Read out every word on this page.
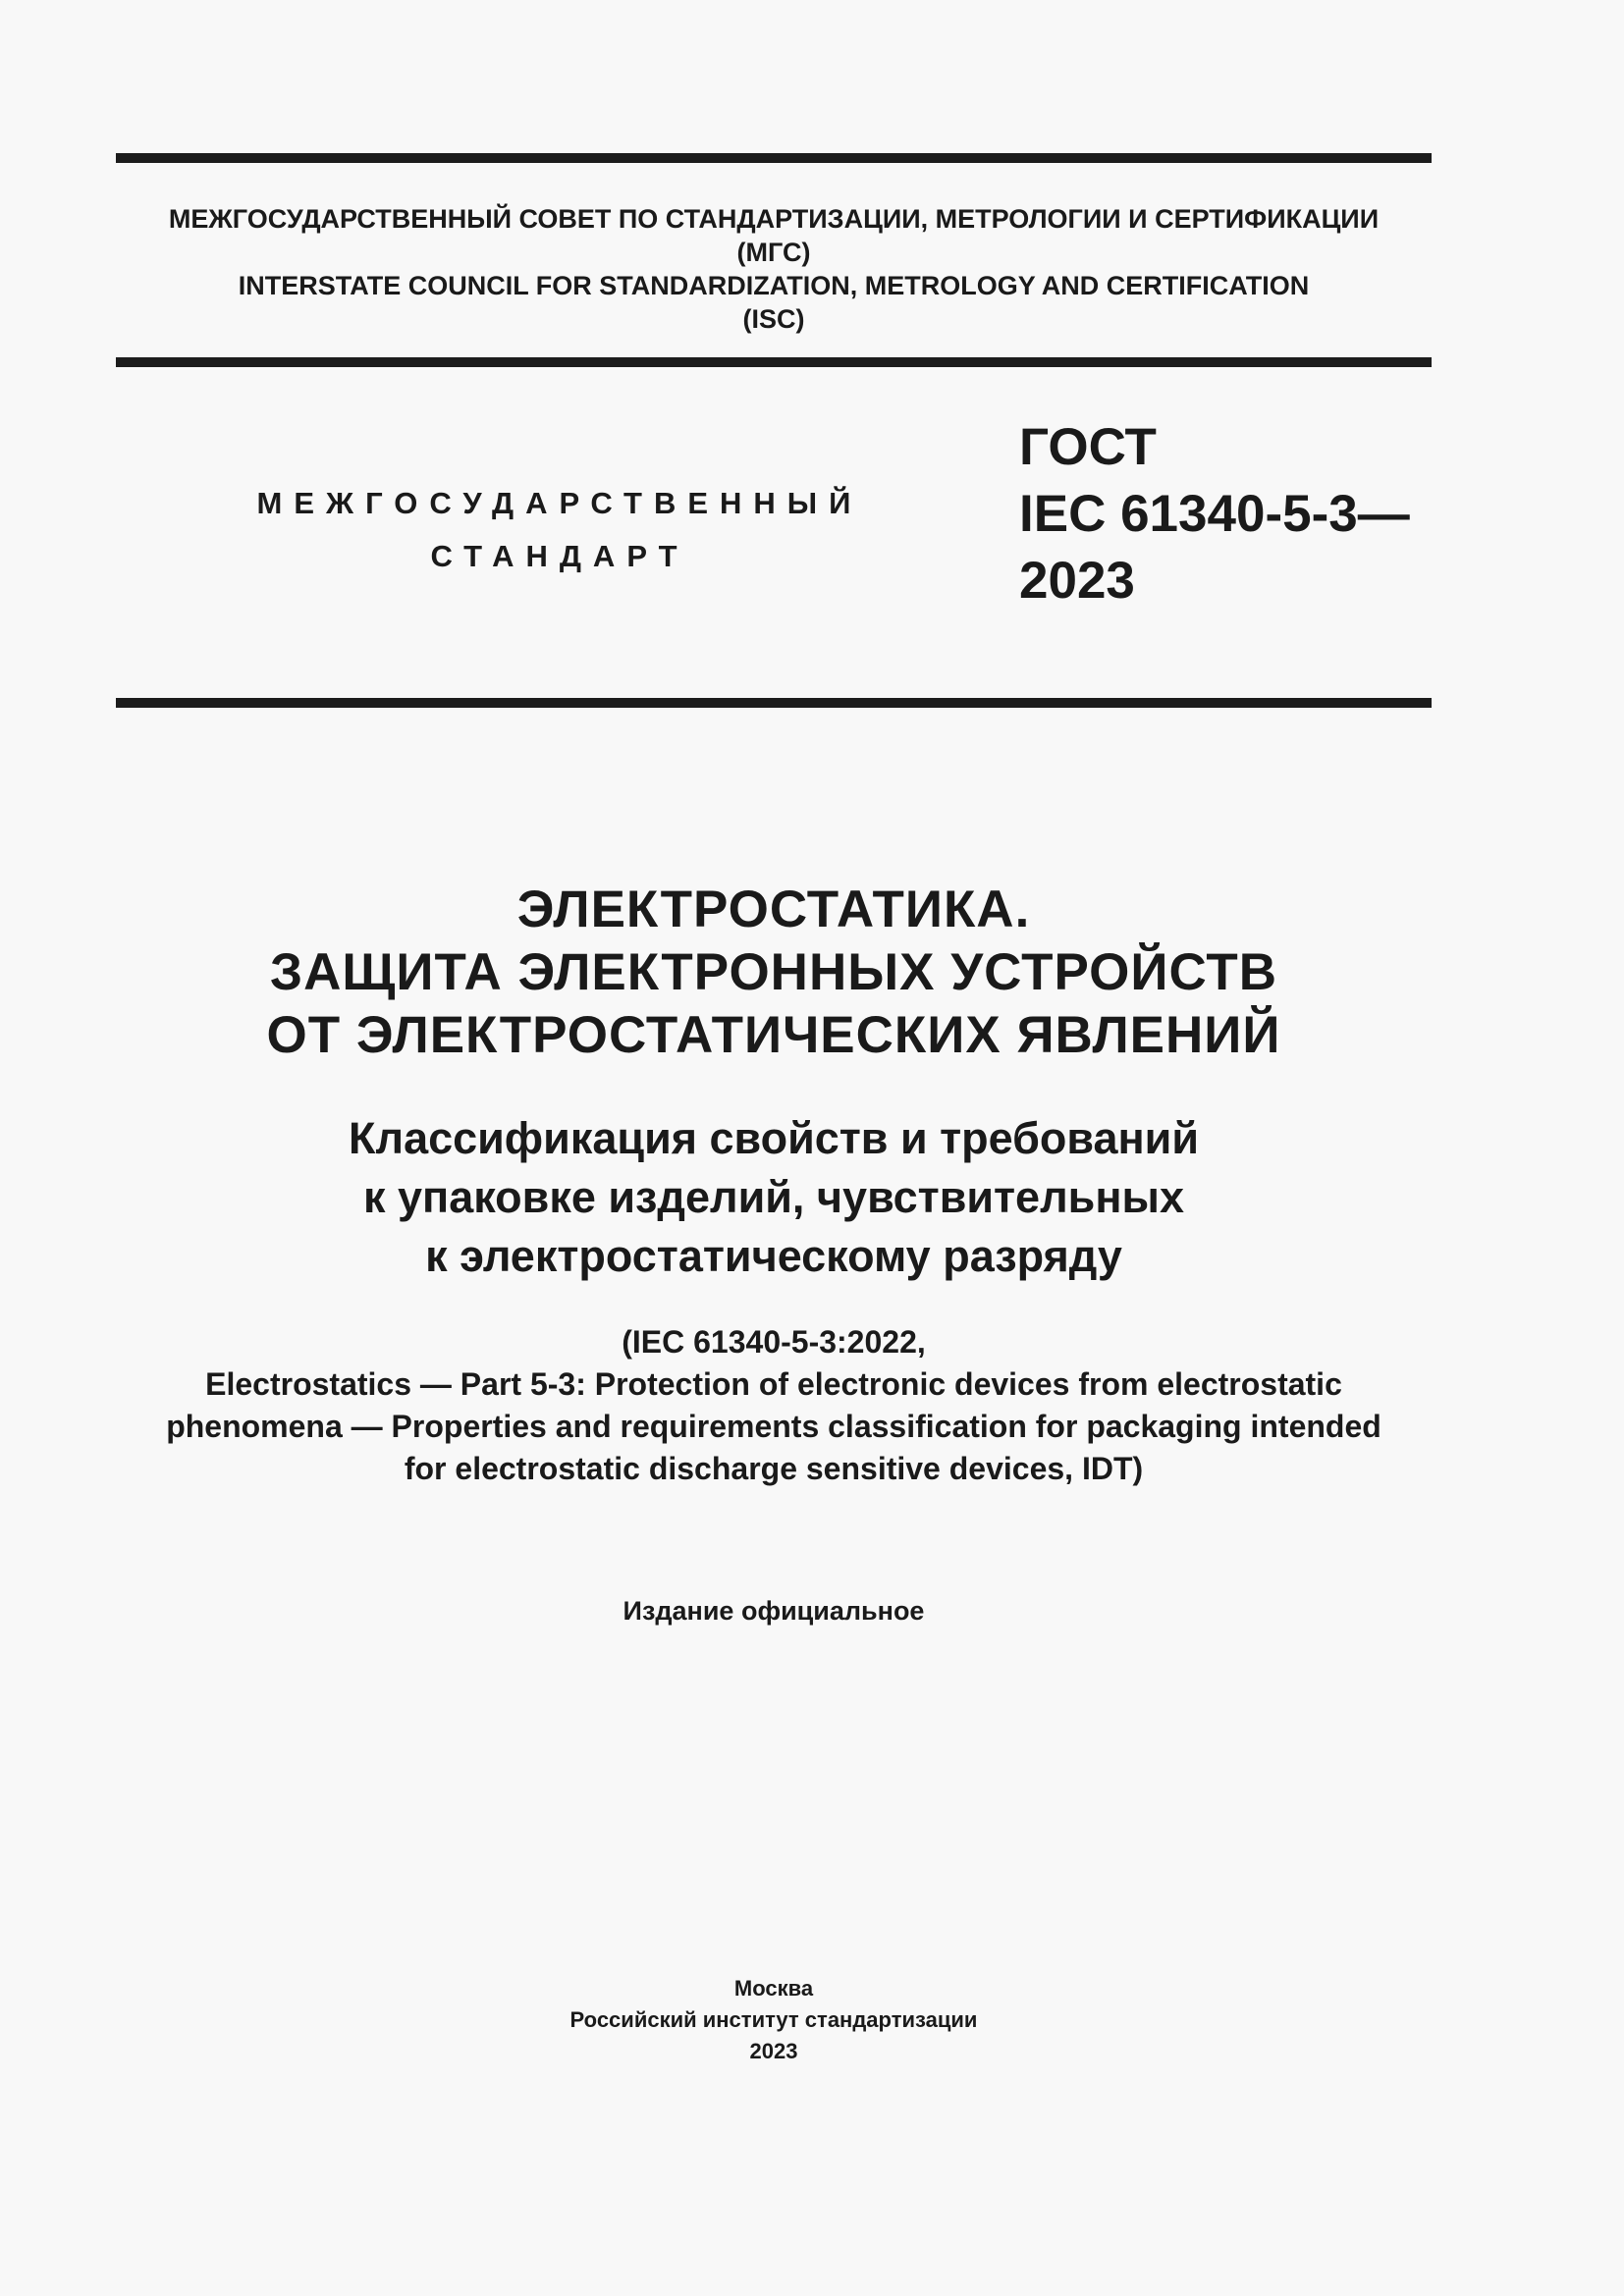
МЕЖГОСУДАРСТВЕННЫЙ СОВЕТ ПО СТАНДАРТИЗАЦИИ, МЕТРОЛОГИИ И СЕРТИФИКАЦИИ
(МГС)
INTERSTATE COUNCIL FOR STANDARDIZATION, METROLOGY AND CERTIFICATION
(ISC)
МЕЖГОСУДАРСТВЕННЫЙ
СТАНДАРТ
ГОСТ
IEC 61340-5-3—
2023
ЭЛЕКТРОСТАТИКА.
ЗАЩИТА ЭЛЕКТРОННЫХ УСТРОЙСТВ
ОТ ЭЛЕКТРОСТАТИЧЕСКИХ ЯВЛЕНИЙ
Классификация свойств и требований
к упаковке изделий, чувствительных
к электростатическому разряду
(IEC 61340-5-3:2022,
Electrostatics — Part 5-3: Protection of electronic devices from electrostatic
phenomena — Properties and requirements classification for packaging intended
for electrostatic discharge sensitive devices, IDT)
Издание официальное
Москва
Российский институт стандартизации
2023
